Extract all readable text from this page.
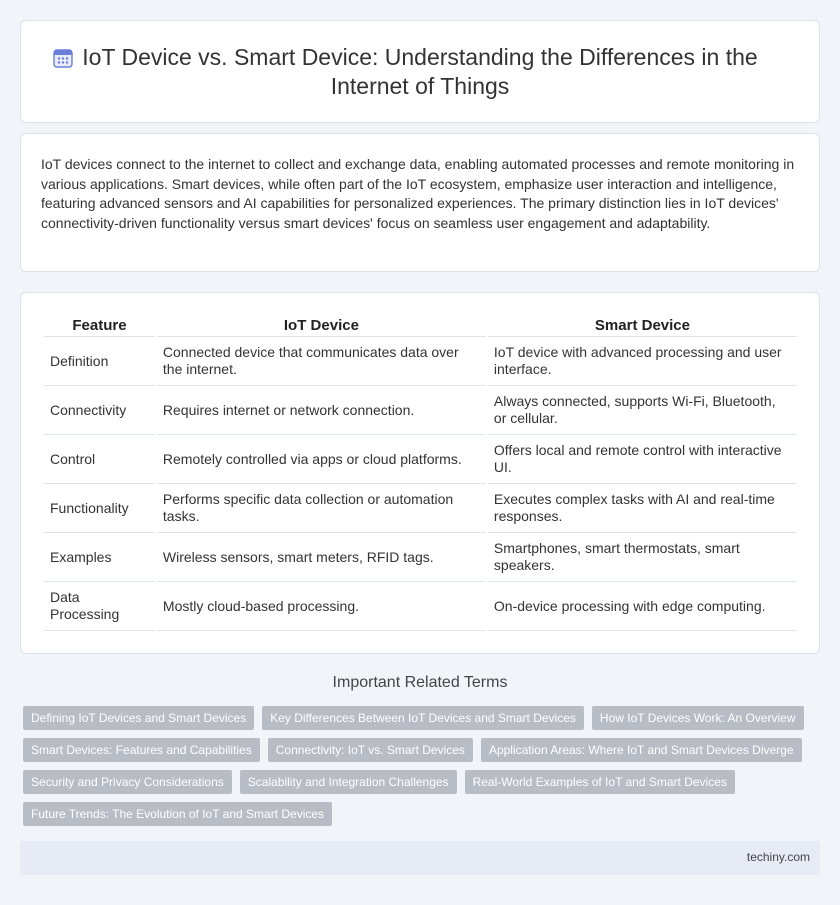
IoT Device vs. Smart Device: Understanding the Differences in the Internet of Things

IoT devices connect to the internet to collect and exchange data, enabling automated processes and remote monitoring in various applications. Smart devices, while often part of the IoT ecosystem, emphasize user interaction and intelligence, featuring advanced sensors and AI capabilities for personalized experiences. The primary distinction lies in IoT devices' connectivity-driven functionality versus smart devices' focus on seamless user engagement and adaptability.

Feature	IoT Device	Smart Device
Definition	Connected device that communicates data over the internet.	IoT device with advanced processing and user interface.
Connectivity	Requires internet or network connection.	Always connected, supports Wi-Fi, Bluetooth, or cellular.
Control	Remotely controlled via apps or cloud platforms.	Offers local and remote control with interactive UI.
Functionality	Performs specific data collection or automation tasks.	Executes complex tasks with AI and real-time responses.
Examples	Wireless sensors, smart meters, RFID tags.	Smartphones, smart thermostats, smart speakers.
Data Processing	Mostly cloud-based processing.	On-device processing with edge computing.
Important Related Terms
Defining IoT Devices and Smart Devices	Key Differences Between IoT Devices and Smart Devices	How IoT Devices Work: An Overview
Smart Devices: Features and Capabilities	Connectivity: IoT vs. Smart Devices	Application Areas: Where IoT and Smart Devices Diverge
Security and Privacy Considerations	Scalability and Integration Challenges	Real-World Examples of IoT and Smart Devices
Future Trends: The Evolution of IoT and Smart Devices
techiny.com
